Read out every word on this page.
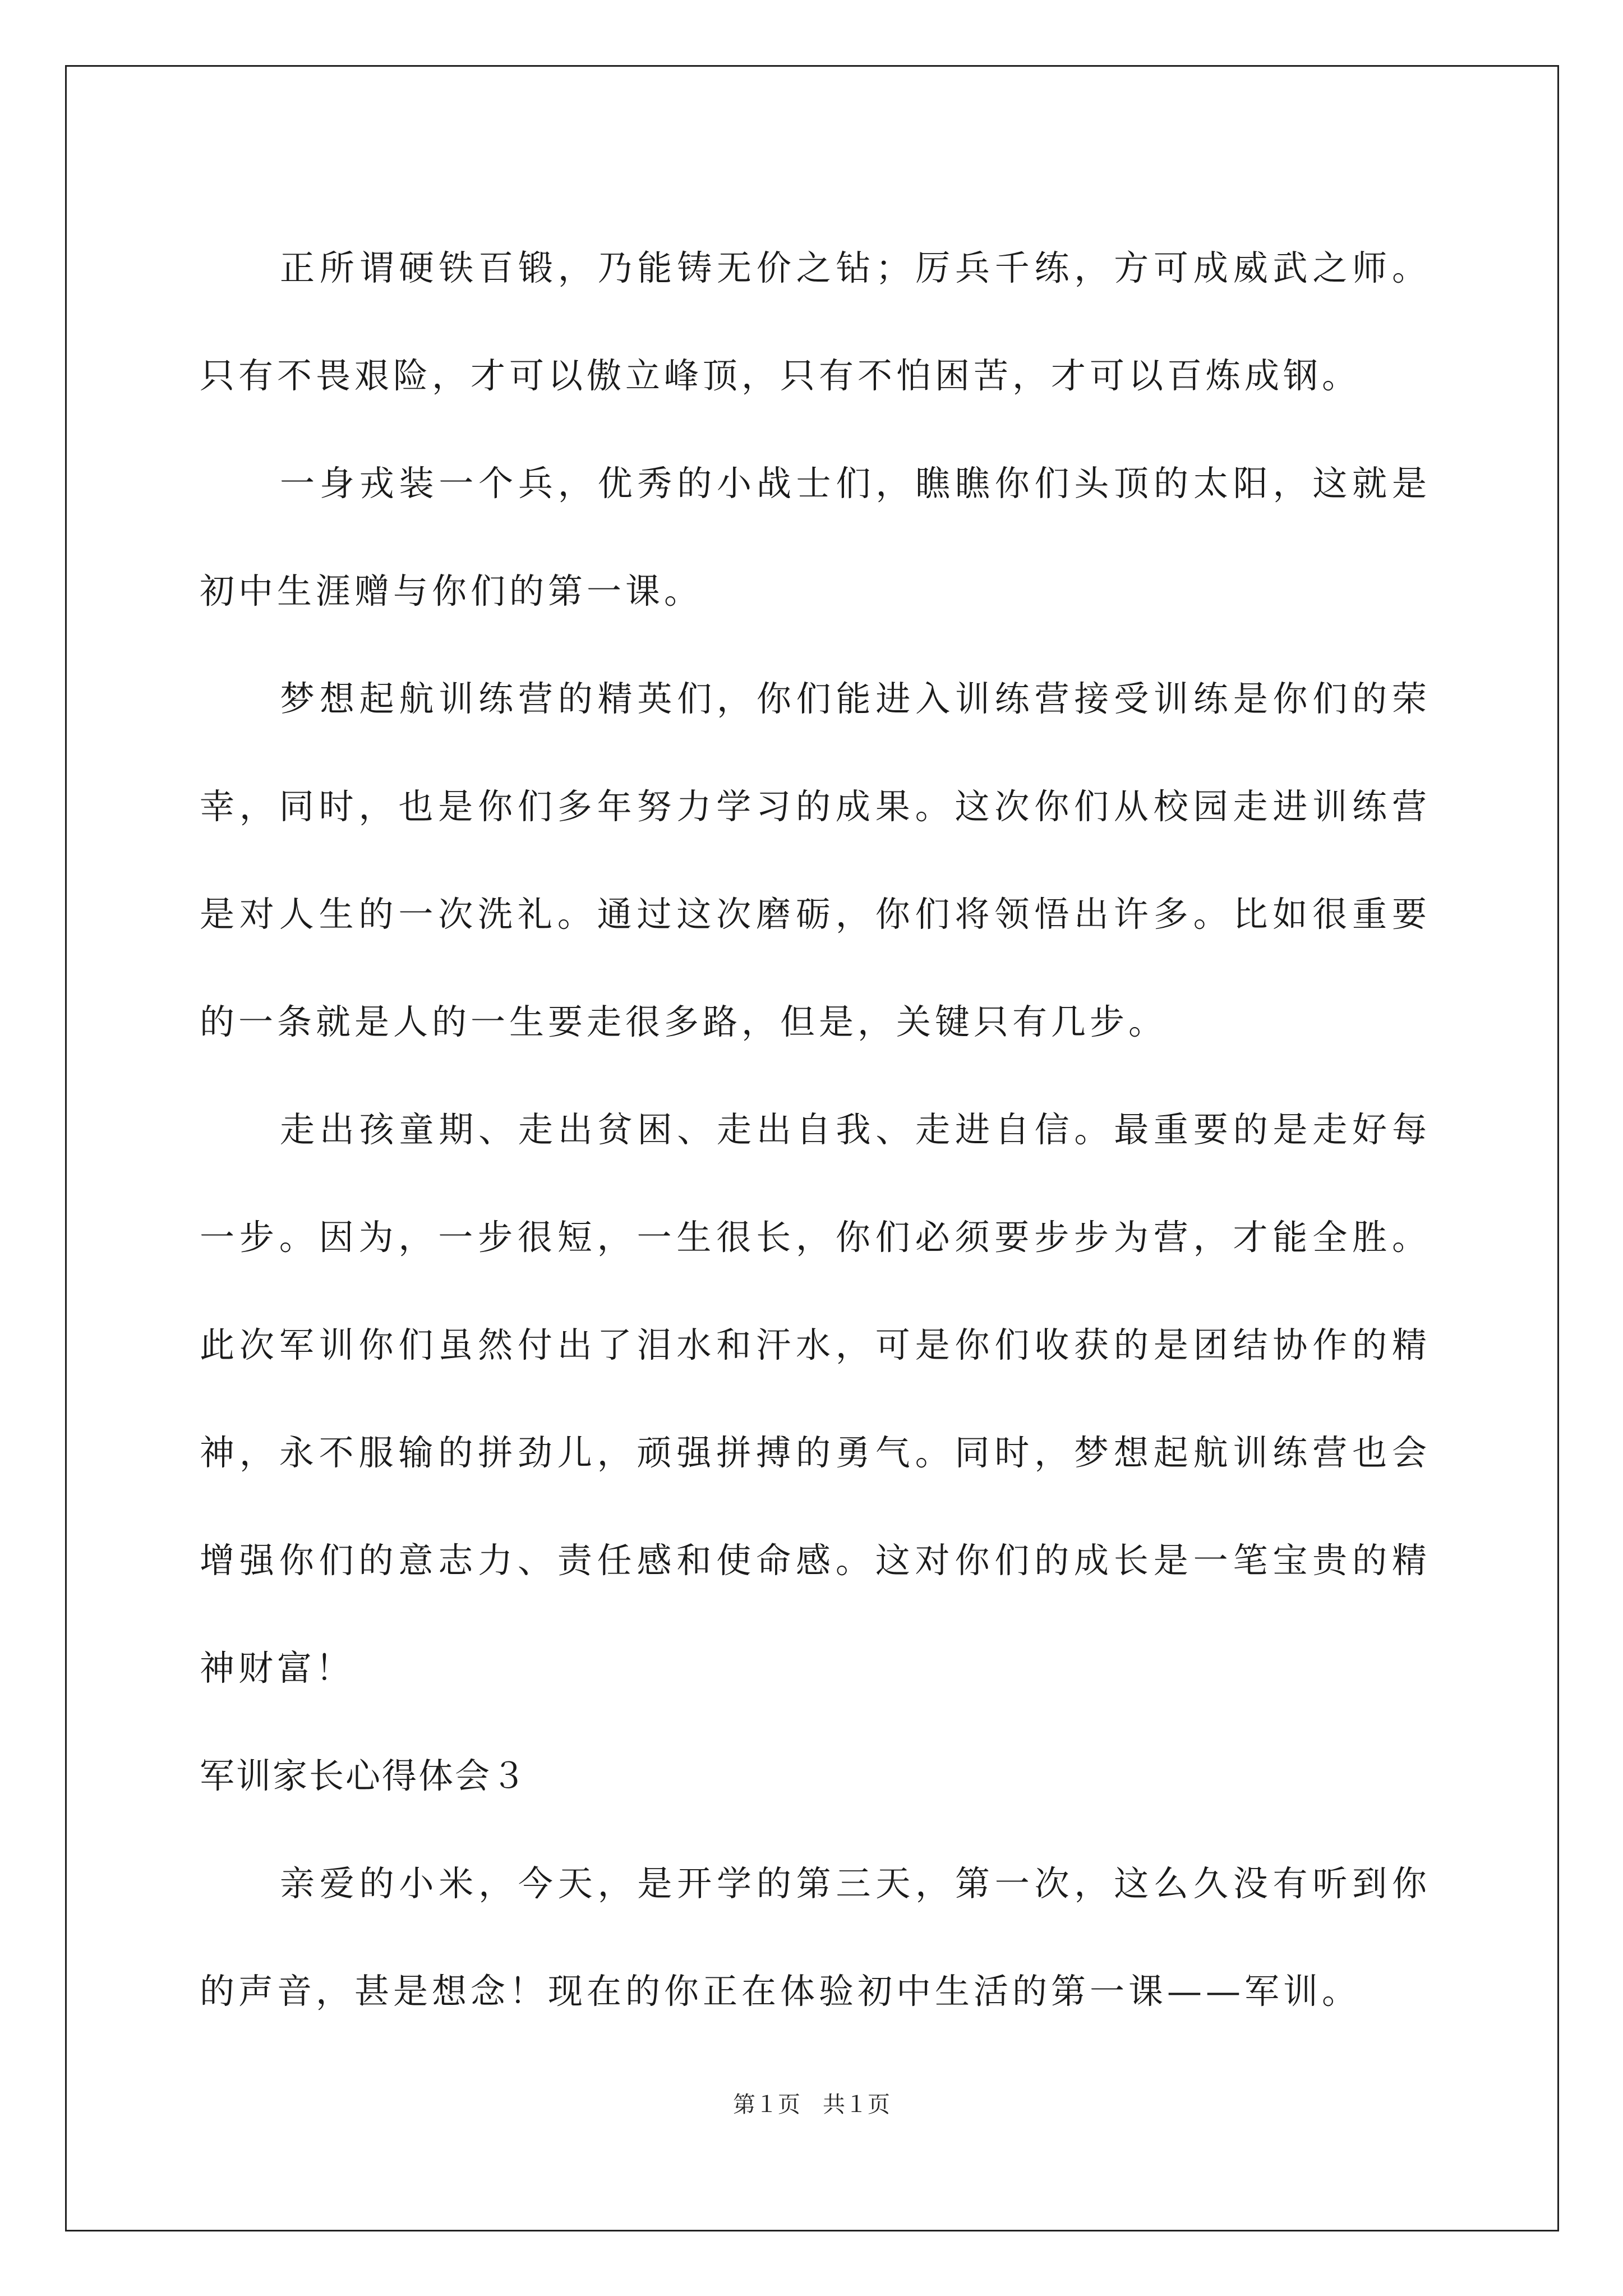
正所谓硬铁百锻，乃能铸无价之钻；厉兵千练，方可成威武之师。只有不畏艰险，才可以傲立峰顶，只有不怕困苦，才可以百炼成钢。

一身戎装一个兵，优秀的小战士们，瞧瞧你们头顶的太阳，这就是初中生涯赠与你们的第一课。

梦想起航训练营的精英们，你们能进入训练营接受训练是你们的荣幸，同时，也是你们多年努力学习的成果。这次你们从校园走进训练营是对人生的一次洗礼。通过这次磨砺，你们将领悟出许多。比如很重要的一条就是人的一生要走很多路，但是，关键只有几步。

走出孩童期、走出贫困、走出自我、走进自信。最重要的是走好每一步。因为，一步很短，一生很长，你们必须要步步为营，才能全胜。此次军训你们虽然付出了泪水和汗水，可是你们收获的是团结协作的精神，永不服输的拼劲儿，顽强拼搏的勇气。同时，梦想起航训练营也会增强你们的意志力、责任感和使命感。这对你们的成长是一笔宝贵的精神财富！

军训家长心得体会３

亲爱的小米，今天，是开学的第三天，第一次，这么久没有听到你的声音，甚是想念！现在的你正在体验初中生活的第一课——军训。

第１页　共１页
